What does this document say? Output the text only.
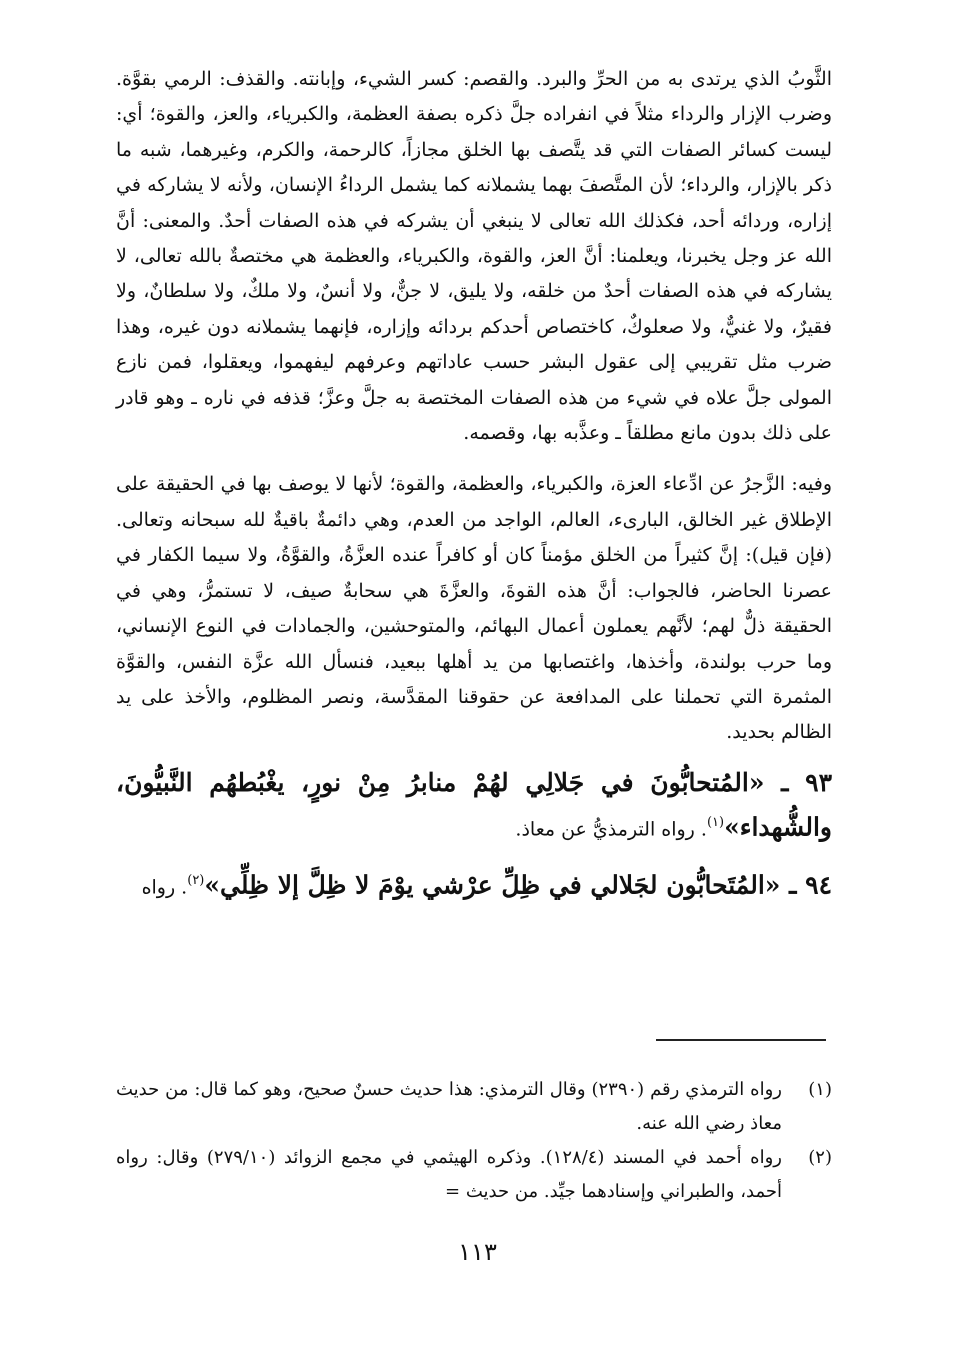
الثَّوبُ الذي يرتدى به من الحرِّ والبرد. والقصم: كسر الشيء، وإبانته. والقذف: الرمي بقوَّة. وضرب الإزار والرداء مثلاً في انفراده جلَّ ذكره بصفة العظمة، والكبرياء، والعز، والقوة؛ أي: ليست كسائر الصفات التي قد يتَّصف بها الخلق مجازاً، كالرحمة، والكرم، وغيرهما، شبه ما ذكر بالإزار، والرداء؛ لأن المتَّصفَ بهما يشملانه كما يشمل الرداءُ الإنسان، ولأنه لا يشاركه في إزاره، وردائه أحد، فكذلك الله تعالى لا ينبغي أن يشركه في هذه الصفات أحدٌ. والمعنى: أنَّ الله عز وجل يخبرنا، ويعلمنا: أنَّ العز، والقوة، والكبرياء، والعظمة هي مختصةٌ بالله تعالى، لا يشاركه في هذه الصفات أحدٌ من خلقه، ولا يليق، لا جنٌّ، ولا أنسٌ، ولا ملكٌ، ولا سلطانٌ، ولا فقيرٌ، ولا غنيٌّ، ولا صعلوكٌ، كاختصاص أحدكم بردائه وإزاره، فإنهما يشملانه دون غيره، وهذا ضرب مثل تقريبي إلى عقول البشر حسب عاداتهم وعرفهم ليفهموا، ويعقلوا، فمن نازع المولى جلَّ علاه في شيء من هذه الصفات المختصة به جلَّ وعزَّ؛ قذفه في ناره ـ وهو قادر على ذلك بدون مانع مطلقاً ـ وعذَّبه بها، وقصمه.

وفيه: الزَّجرُ عن ادِّعاء العزة، والكبرياء، والعظمة، والقوة؛ لأنها لا يوصف بها في الحقيقة على الإطلاق غير الخالق، البارىء، العالم، الواجد من العدم، وهي دائمةٌ باقيةٌ لله سبحانه وتعالى. (فإن قيل): إنَّ كثيراً من الخلق مؤمناً كان أو كافراً عنده العزَّةُ، والقوَّةُ، ولا سيما الكفار في عصرنا الحاضر، فالجواب: أنَّ هذه القوةَ، والعزَّةَ هي سحابةٌ صيف، لا تستمرُّ، وهي في الحقيقة ذلٌّ لهم؛ لأنَّهم يعملون أعمال البهائم، والمتوحشين، والجمادات في النوع الإنساني، وما حرب بولندة، وأخذها، واغتصابها من يد أهلها ببعيد، فنسأل الله عزَّة النفس، والقوَّة المثمرة التي تحملنا على المدافعة عن حقوقنا المقدَّسة، ونصر المظلوم، والأخذ على يد الظالم بحديد.

٩٣ ـ «المُتحابُّونَ في جَلالِي لهُمْ منابرُ مِنْ نورٍ، يغْبُطهُم النَّبيُّونَ، والشُّهداء»$^{(١)}$. رواه الترمذيُّ عن معاذ.

٩٤ ـ «المُتَحابُّون لجَلالي في ظِلِّ عرْشي يوْمَ لا ظِلَّ إلا ظِلِّي»$^{(٢)}$. رواه

(١)
رواه الترمذي رقم (٢٣٩٠) وقال الترمذي: هذا حديث حسنٌ صحيح، وهو كما قال: من حديث معاذ رضي الله عنه.
(٢)
رواه أحمد في المسند (١٢٨/٤). وذكره الهيثمي في مجمع الزوائد (٢٧٩/١٠) وقال: رواه أحمد، والطبراني وإسنادهما جيِّد. من حديث =
١١٣
